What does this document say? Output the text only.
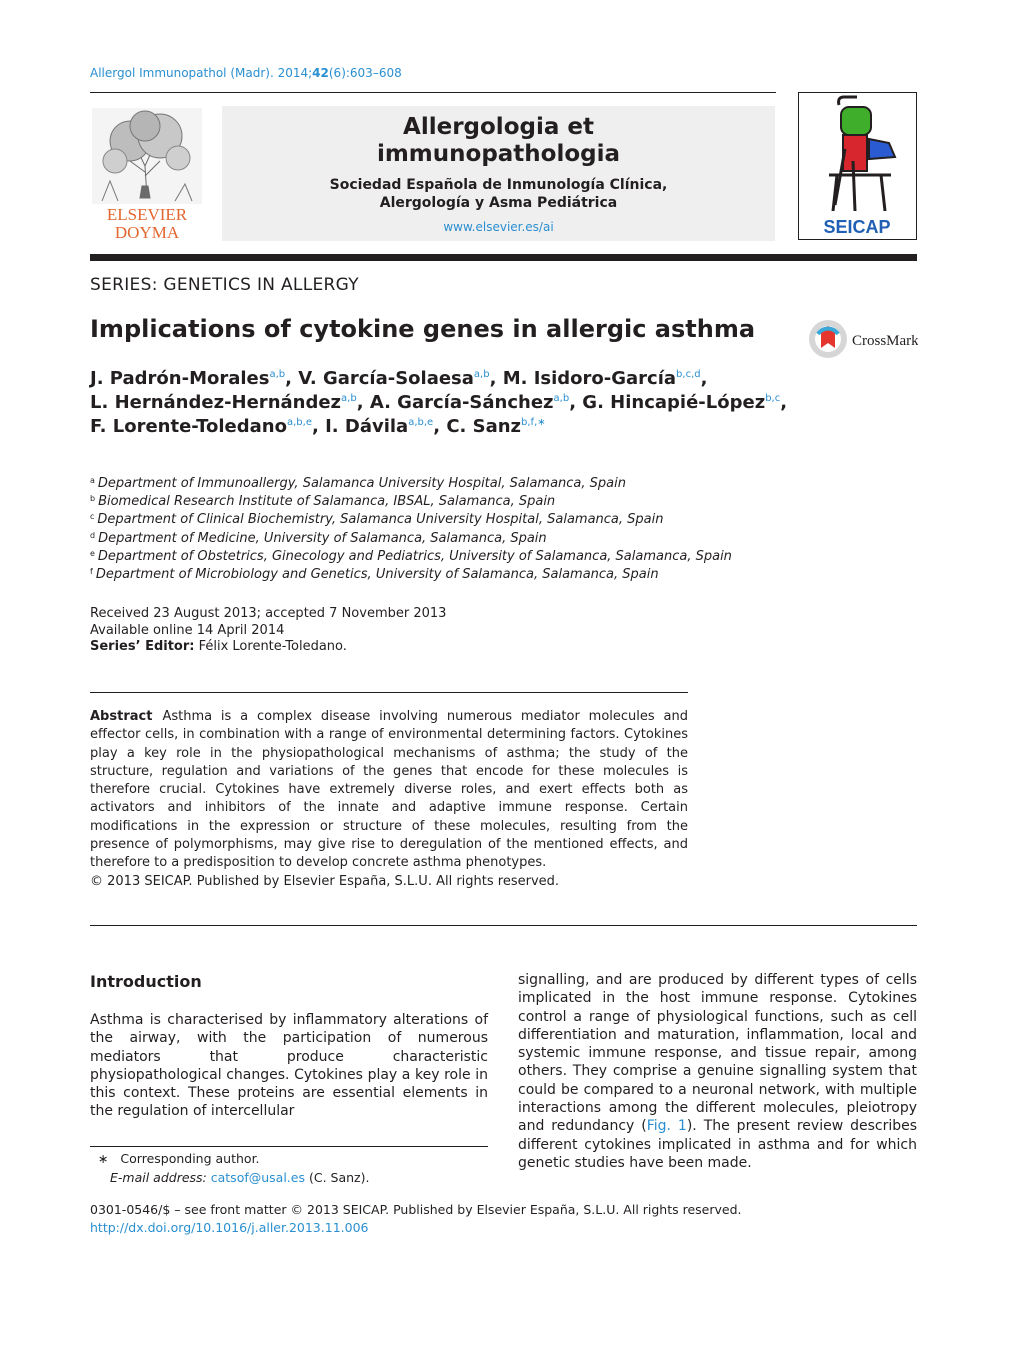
Allergol Immunopathol (Madr). 2014;42(6):603–608
ELSEVIER
DOYMA
Allergologia et
immunopathologia
Sociedad Española de Inmunología Clínica,
Alergología y Asma Pediátrica
www.elsevier.es/ai	SEICAP
SERIES: GENETICS IN ALLERGY
Implications of cytokine genes in allergic asthma	CrossMark
J. Padrón-Morales$^{a,b}$, V. García-Solaesa$^{a,b}$, M. Isidoro-García$^{b,c,d}$,
L. Hernández-Hernández$^{a,b}$, A. García-Sánchez$^{a,b}$, G. Hincapié-López$^{b,c}$,
F. Lorente-Toledano$^{a,b,e}$, I. Dávila$^{a,b,e}$, C. Sanz$^{b,f,∗}$
$^a$ Department of Immunoallergy, Salamanca University Hospital, Salamanca, Spain
$^b$ Biomedical Research Institute of Salamanca, IBSAL, Salamanca, Spain
$^c$ Department of Clinical Biochemistry, Salamanca University Hospital, Salamanca, Spain
$^d$ Department of Medicine, University of Salamanca, Salamanca, Spain
$^e$ Department of Obstetrics, Ginecology and Pediatrics, University of Salamanca, Salamanca, Spain
$^f$ Department of Microbiology and Genetics, University of Salamanca, Salamanca, Spain
Received 23 August 2013; accepted 7 November 2013
Available online 14 April 2014
Series’ Editor: Félix Lorente-Toledano.
Abstract Asthma is a complex disease involving numerous mediator molecules and effector cells, in combination with a range of environmental determining factors. Cytokines play a key role in the physiopathological mechanisms of asthma; the study of the structure, regulation and variations of the genes that encode for these molecules is therefore crucial. Cytokines have extremely diverse roles, and exert effects both as activators and inhibitors of the innate and adaptive immune response. Certain modifications in the expression or structure of these molecules, resulting from the presence of polymorphisms, may give rise to deregulation of the mentioned effects, and therefore to a predisposition to develop concrete asthma phenotypes.
© 2013 SEICAP. Published by Elsevier España, S.L.U. All rights reserved.
Introduction
Asthma is characterised by inflammatory alterations of the airway, with the participation of numerous mediators that produce characteristic physiopathological changes. Cytokines play a key role in this context. These proteins are essential elements in the regulation of intercellular
signalling, and are produced by different types of cells implicated in the host immune response. Cytokines control a range of physiological functions, such as cell differentiation and maturation, inflammation, local and systemic immune response, and tissue repair, among others. They comprise a genuine signalling system that could be compared to a neuronal network, with multiple interactions among the different molecules, pleiotropy and redundancy (Fig. 1). The present review describes different cytokines implicated in asthma and for which genetic studies have been made.
∗ Corresponding author.
E-mail address: catsof@usal.es (C. Sanz).
0301-0546/$ – see front matter © 2013 SEICAP. Published by Elsevier España, S.L.U. All rights reserved.
http://dx.doi.org/10.1016/j.aller.2013.11.006
